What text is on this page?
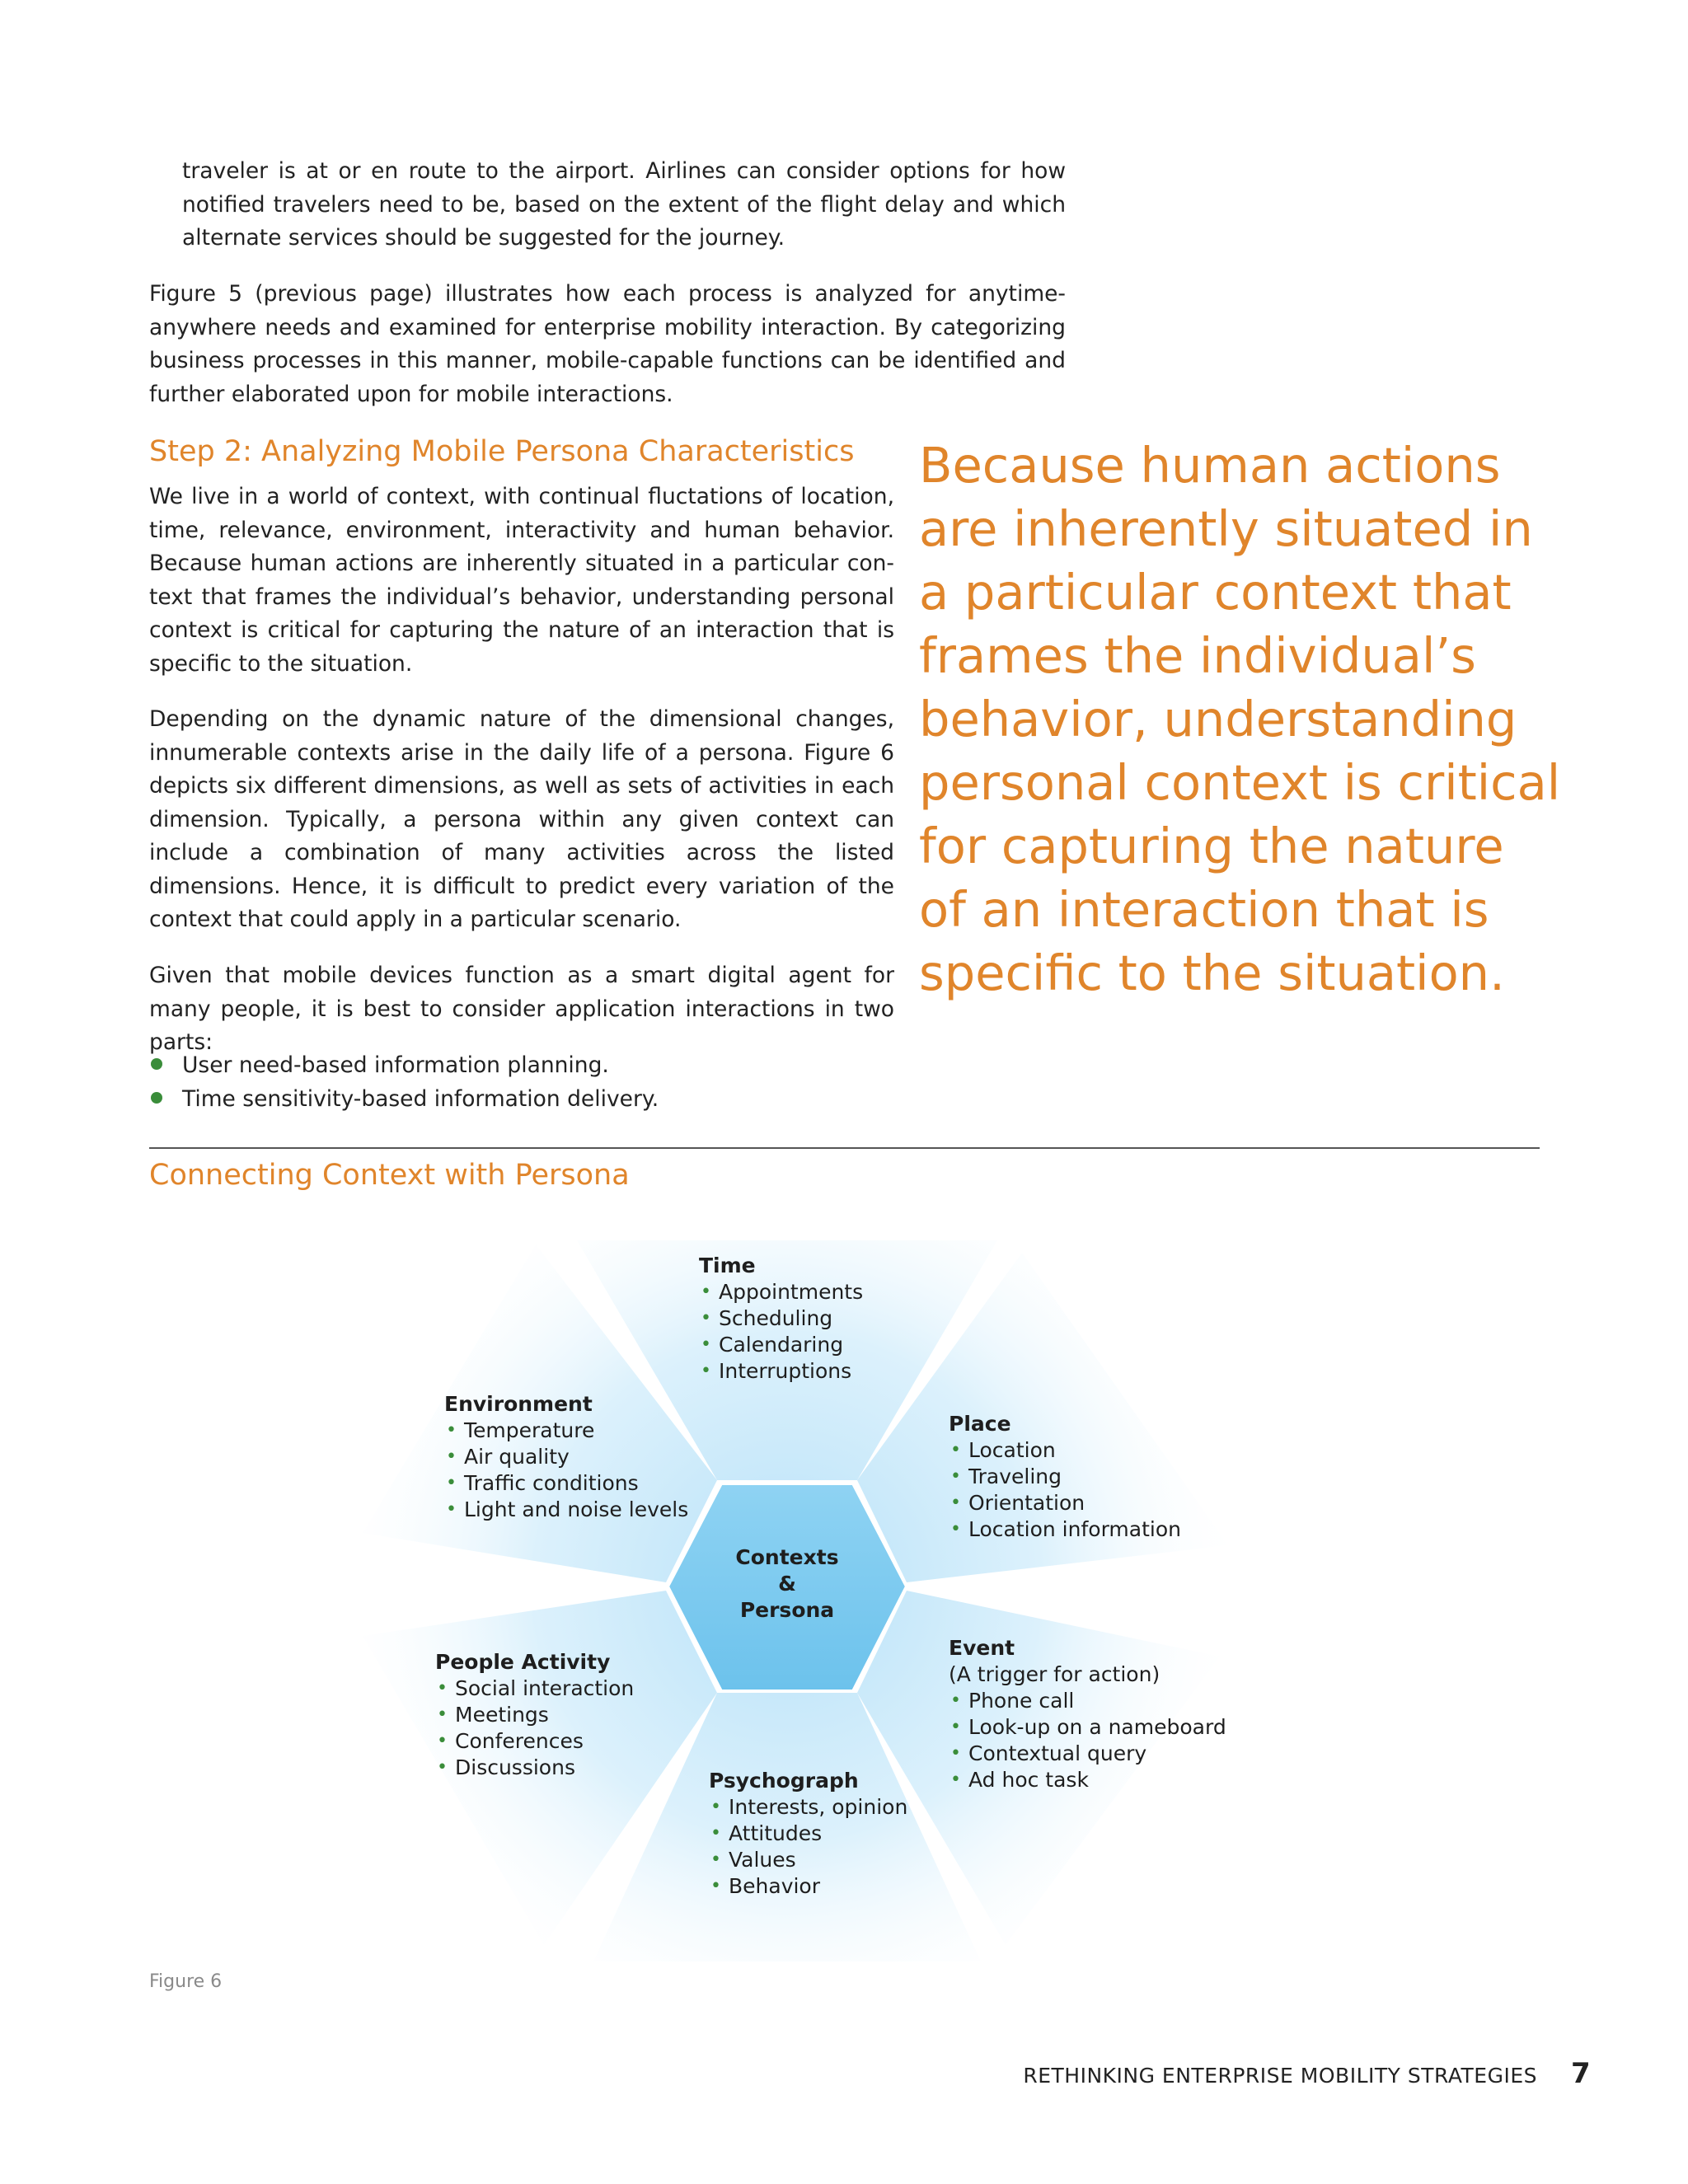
traveler is at or en route to the airport. Airlines can consider options for how notified travelers need to be, based on the extent of the flight delay and which alternate services should be suggested for the journey.

Figure 5 (previous page) illustrates how each process is analyzed for anytime-anywhere needs and examined for enterprise mobility interaction. By categorizing business processes in this manner, mobile-capable functions can be identified and further elaborated upon for mobile interactions.

Step 2: Analyzing Mobile Persona Characteristics

We live in a world of context, with continual fluctations of location, time, relevance, environment, interactivity and human behavior. Because human actions are inherently situated in a particular con-text that frames the individual’s behavior, understanding personal context is critical for capturing the nature of an interaction that is specific to the situation.

Depending on the dynamic nature of the dimensional changes, innumerable contexts arise in the daily life of a persona. Figure 6 depicts six different dimensions, as well as sets of activities in each dimension. Typically, a persona within any given context can include a combination of many activities across the listed dimensions. Hence, it is difficult to predict every variation of the context that could apply in a particular scenario.

Given that mobile devices function as a smart digital agent for many people, it is best to consider application interactions in two parts:

User need-based information planning.
Time sensitivity-based information delivery.

Because human actions are inherently situated in a particular context that frames the individual’s behavior, understanding personal context is critical for capturing the nature of an interaction that is specific to the situation.

Connecting Context with Persona
Contexts
&
Persona
Time
• Appointments
• Scheduling
• Calendaring
• Interruptions
Environment
• Temperature
• Air quality
• Traffic conditions
• Light and noise levels
Place
• Location
• Traveling
• Orientation
• Location information
People Activity
• Social interaction
• Meetings
• Conferences
• Discussions
Event
(A trigger for action)
• Phone call
• Look-up on a nameboard
• Contextual query
• Ad hoc task
Psychograph
• Interests, opinion
• Attitudes
• Values
• Behavior
Figure 6
RETHINKING ENTERPRISE MOBILITY STRATEGIES 7
